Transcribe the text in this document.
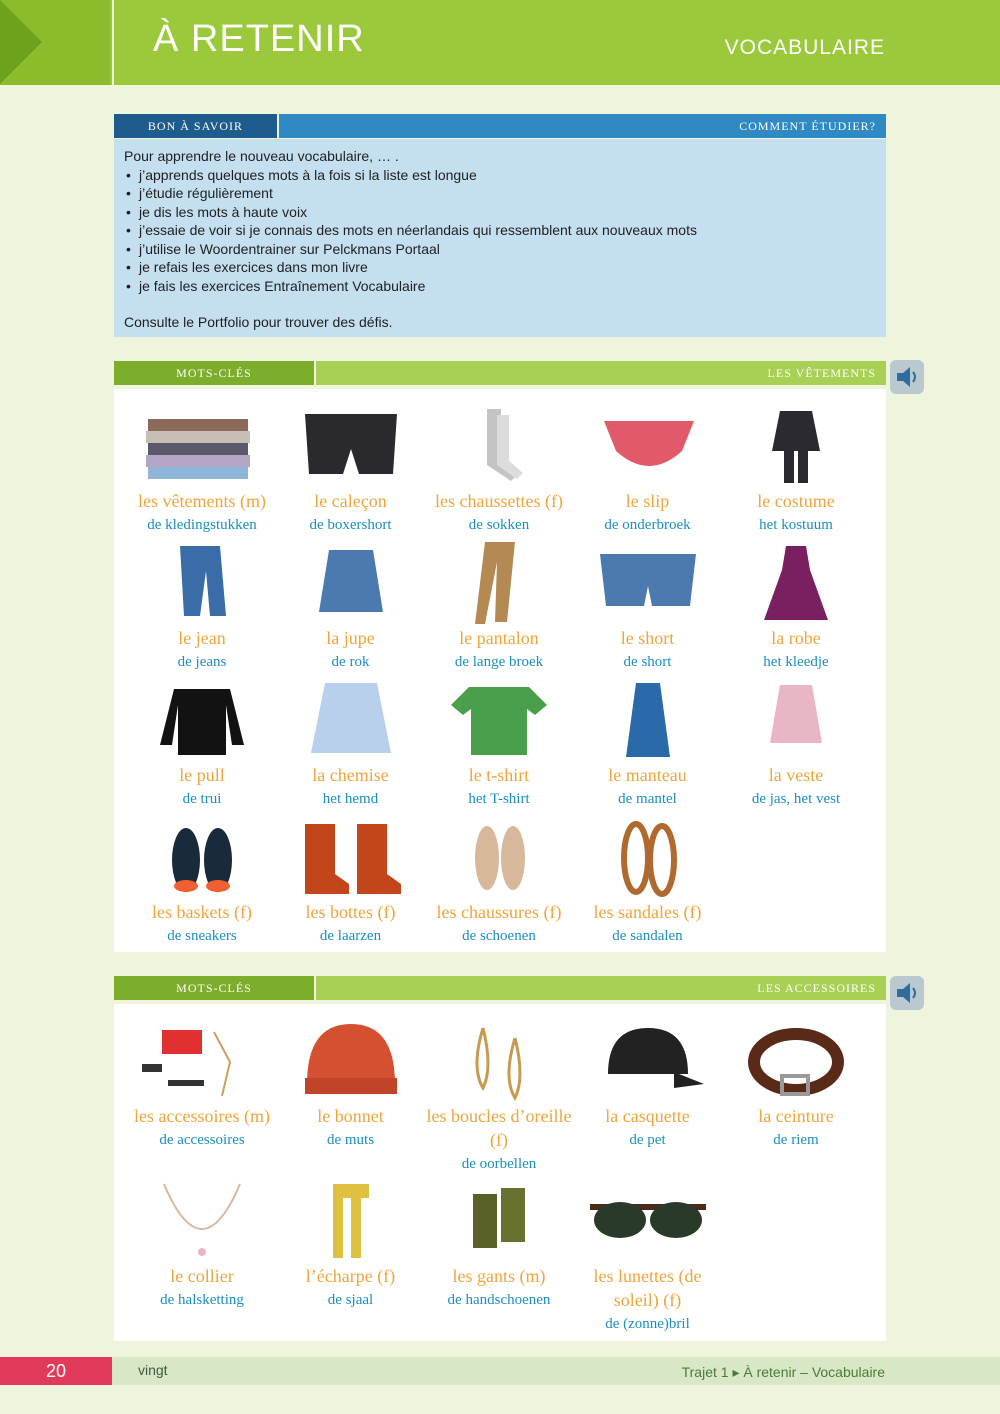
À RETENIR	VOCABULAIRE
BON À SAVOIR	COMMENT ÉTUDIER?

Pour apprendre le nouveau vocabulaire, … .

• j’apprends quelques mots à la fois si la liste est longue
• j’étudie régulièrement
• je dis les mots à haute voix
• j’essaie de voir si je connais des mots en néerlandais qui ressemblent aux nouveaux mots
• j’utilise le Woordentrainer sur Pelckmans Portaal
• je refais les exercices dans mon livre
• je fais les exercices Entraînement Vocabulaire

Consulte le Portfolio pour trouver des défis.

MOTS-CLÉS	LES VÊTEMENTS
les vêtements (m)
de kledingstukken
le caleçon
de boxershort
les chaussettes (f)
de sokken
le slip
de onderbroek
le costume
het kostuum
le jean
de jeans
la jupe
de rok
le pantalon
de lange broek
le short
de short
la robe
het kleedje
le pull
de trui
la chemise
het hemd
le t-shirt
het T-shirt
le manteau
de mantel
la veste
de jas, het vest
les baskets (f)
de sneakers
les bottes (f)
de laarzen
les chaussures (f)
de schoenen
les sandales (f)
de sandalen
MOTS-CLÉS	LES ACCESSOIRES
les accessoires (m)
de accessoires
le bonnet
de muts
les boucles d’oreille (f)
de oorbellen
la casquette
de pet
la ceinture
de riem
le collier
de halsketting
l’écharpe (f)
de sjaal
les gants (m)
de handschoenen
les lunettes (de soleil) (f)
de (zonne)bril
20	vingt	Trajet 1 ▸ À retenir – Vocabulaire
